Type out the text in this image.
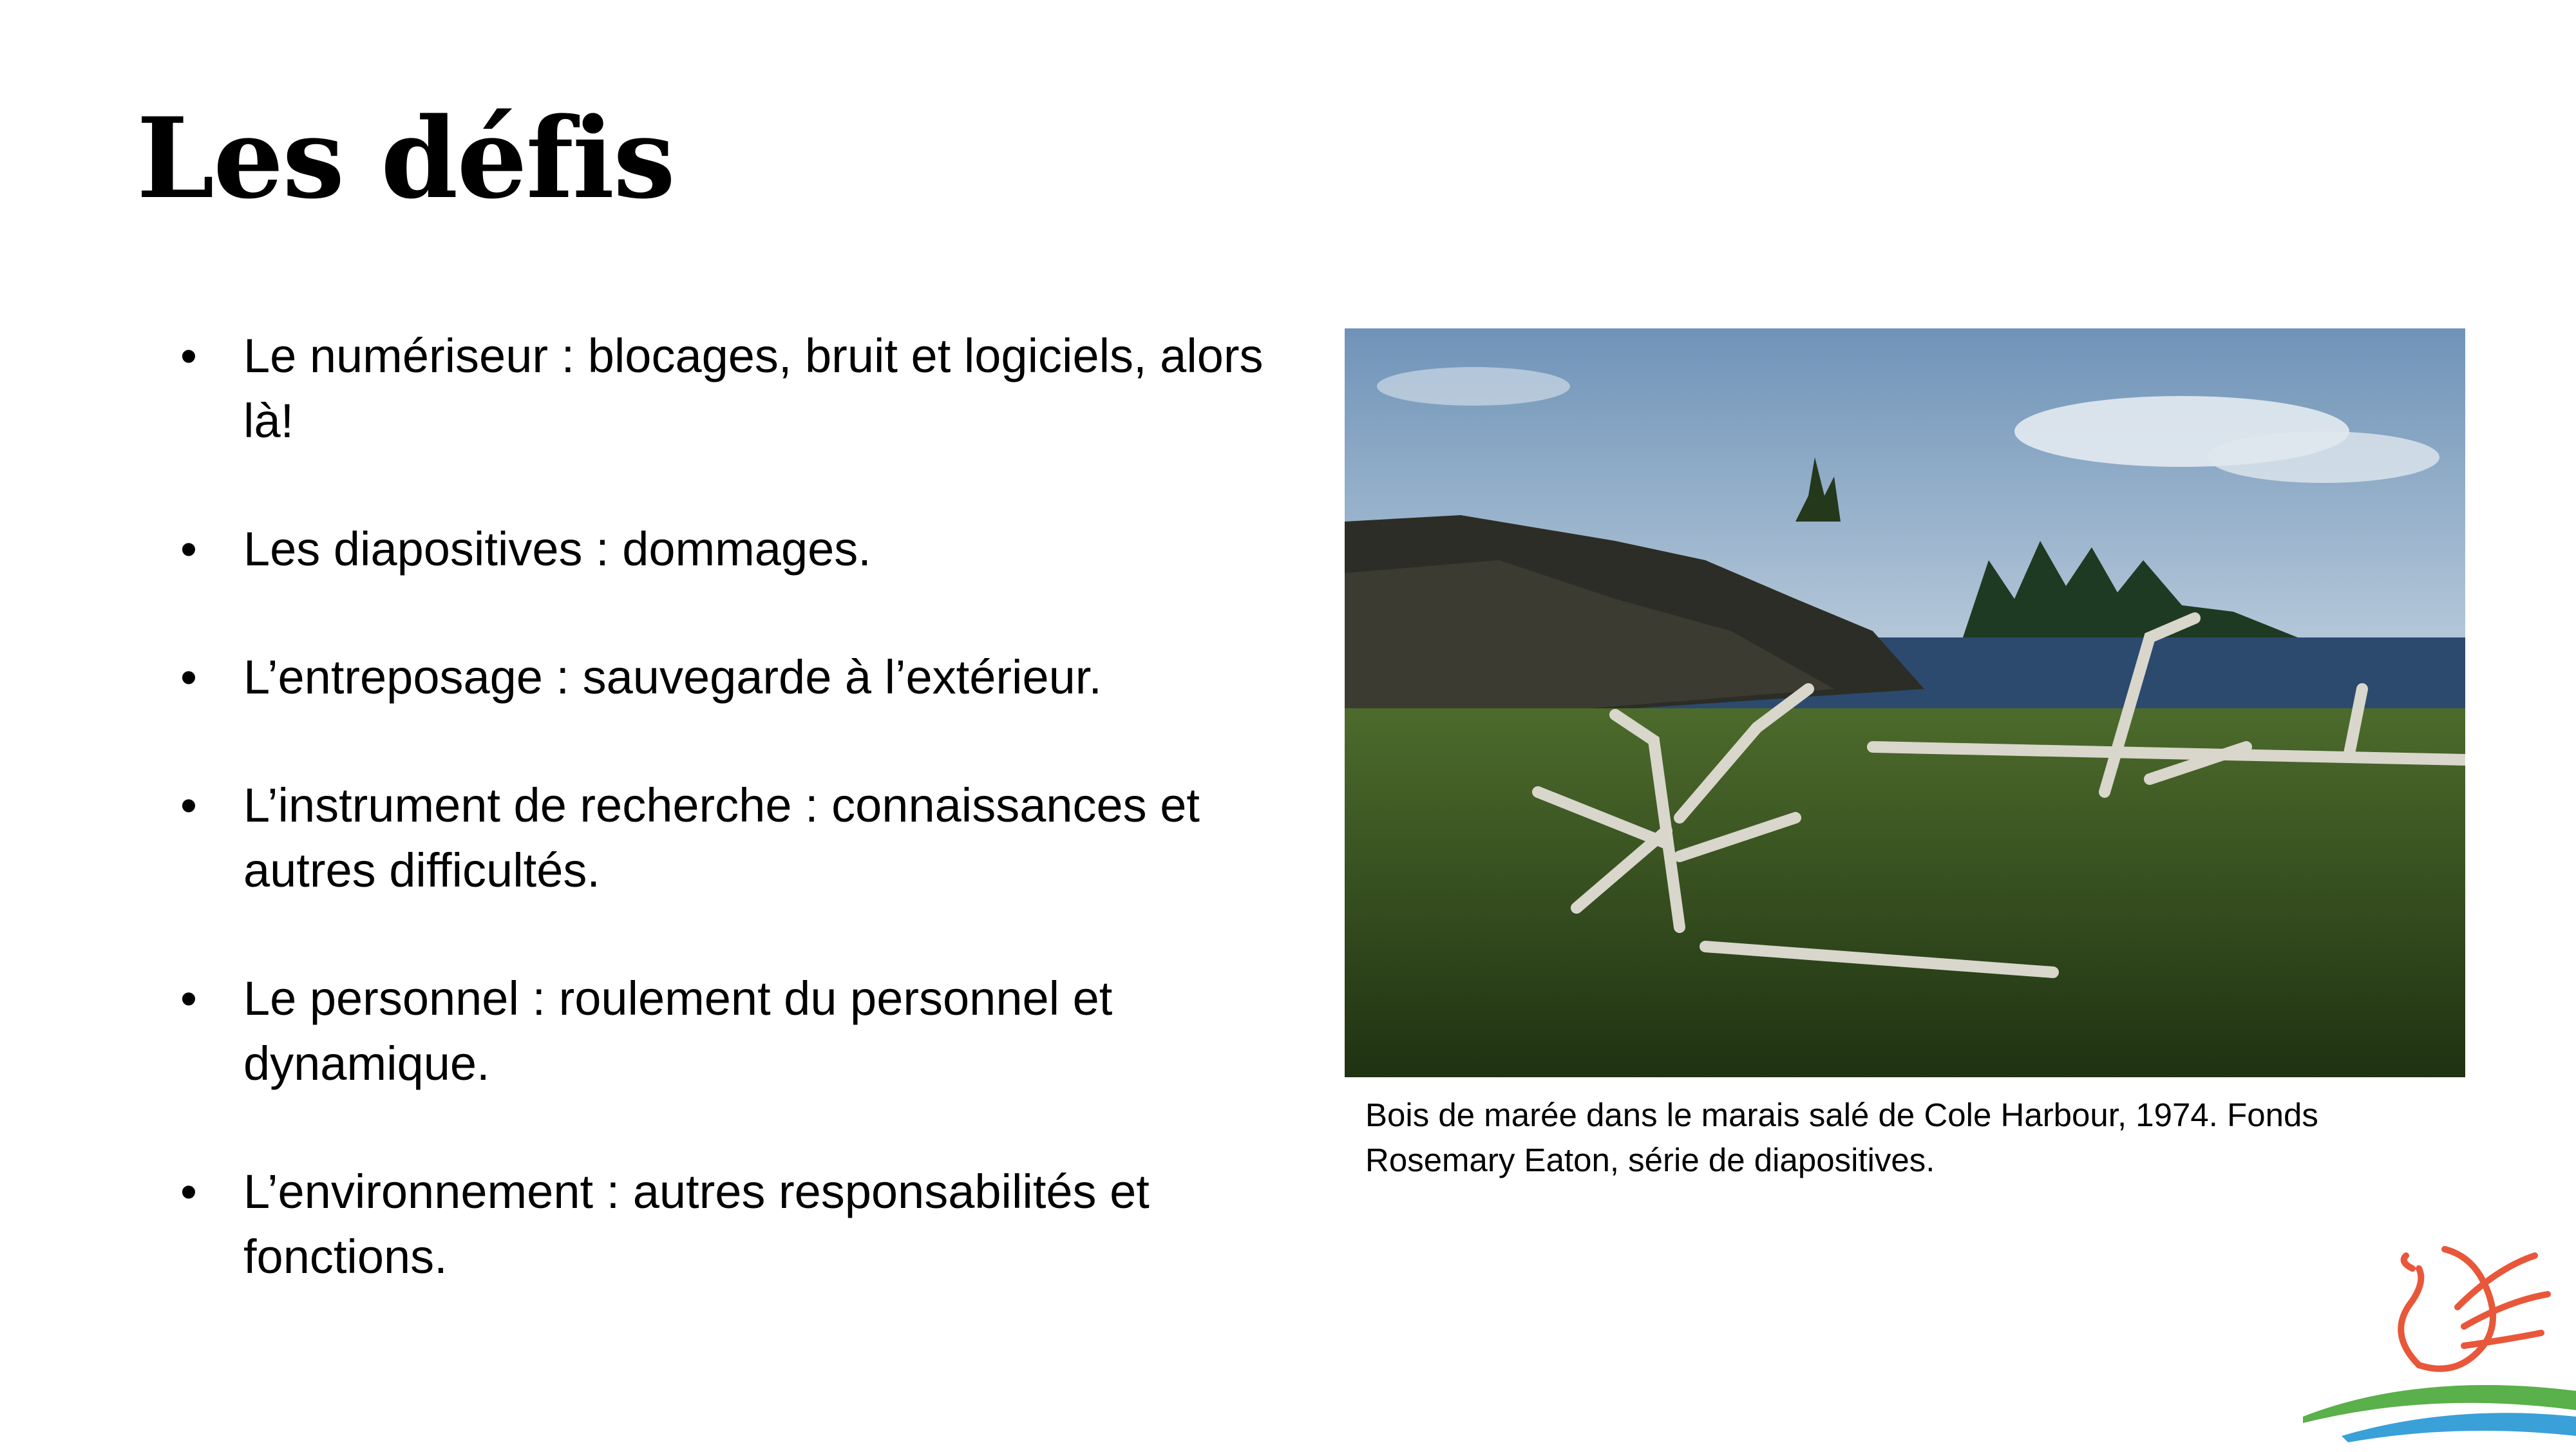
Les défis
• Le numériseur : blocages, bruit et logiciels, alors là!
• Les diapositives : dommages.
• L’entreposage : sauvegarde à l’extérieur.
• L’instrument de recherche : connaissances et autres difficultés.
• Le personnel : roulement du personnel et dynamique.
• L’environnement : autres responsabilités et fonctions.
Bois de marée dans le marais salé de Cole Harbour, 1974. Fonds Rosemary Eaton, série de diapositives.
